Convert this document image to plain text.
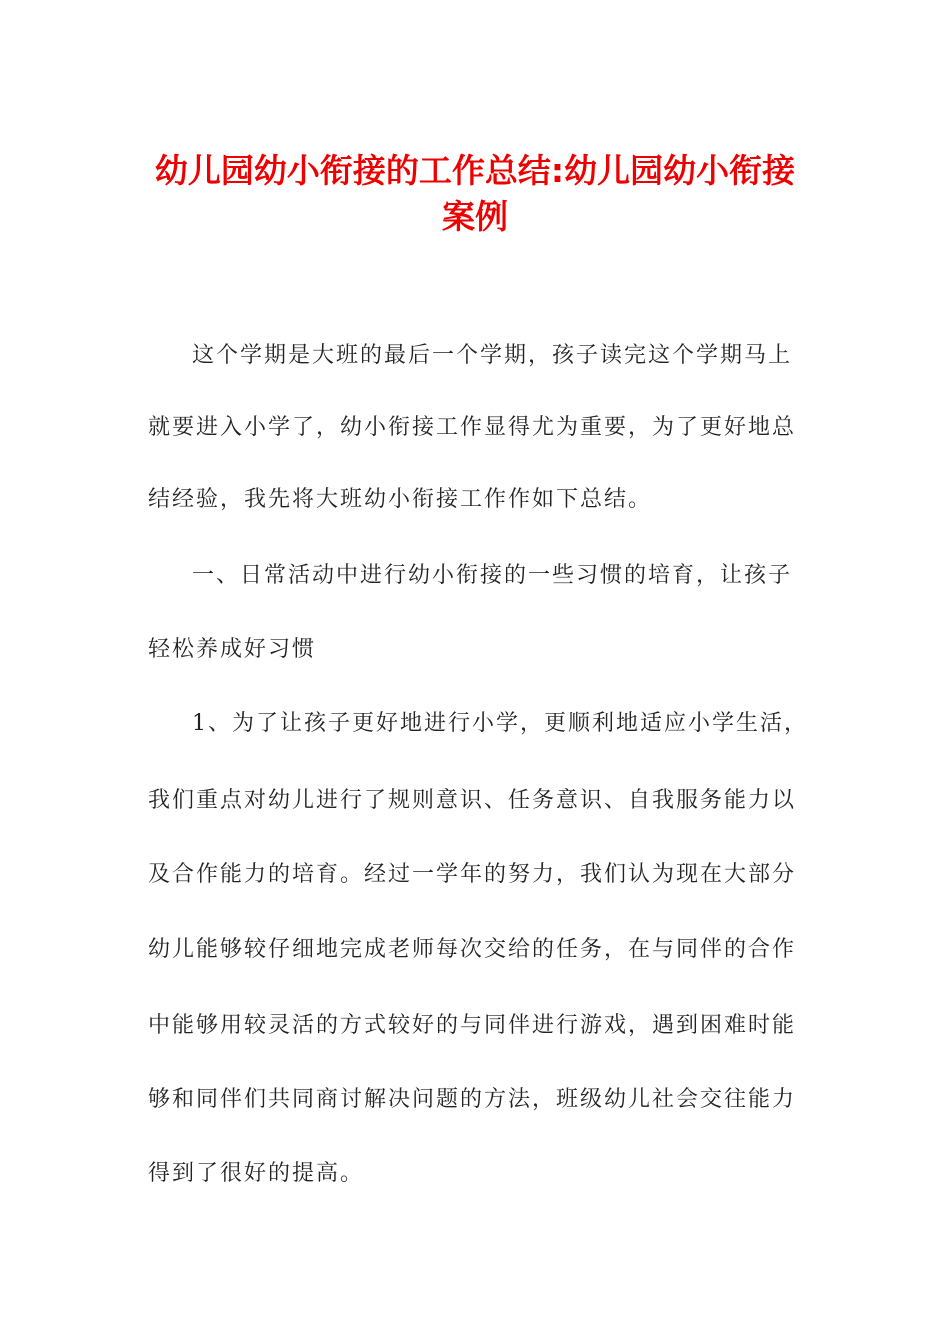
幼儿园幼小衔接的工作总结:幼儿园幼小衔接
案例
这个学期是大班的最后一个学期，孩子读完这个学期马上
就要进入小学了，幼小衔接工作显得尤为重要，为了更好地总
结经验，我先将大班幼小衔接工作作如下总结。
一、日常活动中进行幼小衔接的一些习惯的培育，让孩子
轻松养成好习惯
1、为了让孩子更好地进行小学，更顺利地适应小学生活，
我们重点对幼儿进行了规则意识、任务意识、自我服务能力以
及合作能力的培育。经过一学年的努力，我们认为现在大部分
幼儿能够较仔细地完成老师每次交给的任务，在与同伴的合作
中能够用较灵活的方式较好的与同伴进行游戏，遇到困难时能
够和同伴们共同商讨解决问题的方法，班级幼儿社会交往能力
得到了很好的提高。
